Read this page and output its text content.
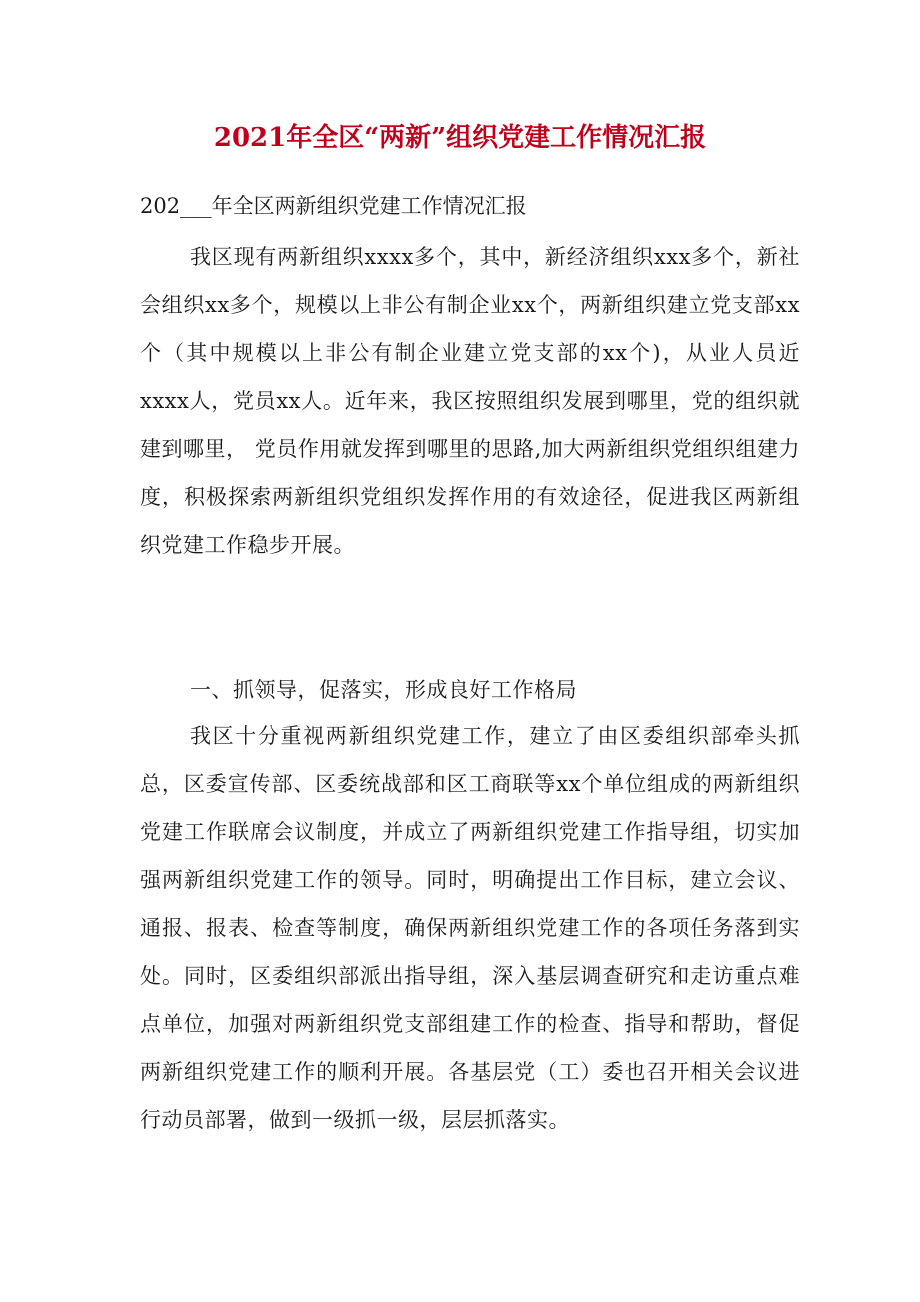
2021年全区“两新”组织党建工作情况汇报

202___年全区两新组织党建工作情况汇报

我区现有两新组织xxxx多个，其中，新经济组织xxx多个，新社会组织xx多个，规模以上非公有制企业xx个，两新组织建立党支部xx个（其中规模以上非公有制企业建立党支部的xx个)，从业人员近xxxx人，党员xx人。近年来，我区按照组织发展到哪里，党的组织就建到哪里， 党员作用就发挥到哪里的思路,加大两新组织党组织组建力度，积极探索两新组织党组织发挥作用的有效途径，促进我区两新组织党建工作稳步开展。

一、抓领导，促落实，形成良好工作格局

我区十分重视两新组织党建工作，建立了由区委组织部牵头抓总，区委宣传部、区委统战部和区工商联等xx个单位组成的两新组织党建工作联席会议制度，并成立了两新组织党建工作指导组，切实加强两新组织党建工作的领导。同时，明确提出工作目标，建立会议、通报、报表、检查等制度，确保两新组织党建工作的各项任务落到实处。同时，区委组织部派出指导组，深入基层调查研究和走访重点难点单位，加强对两新组织党支部组建工作的检查、指导和帮助，督促两新组织党建工作的顺利开展。各基层党（工）委也召开相关会议进行动员部署，做到一级抓一级，层层抓落实。
